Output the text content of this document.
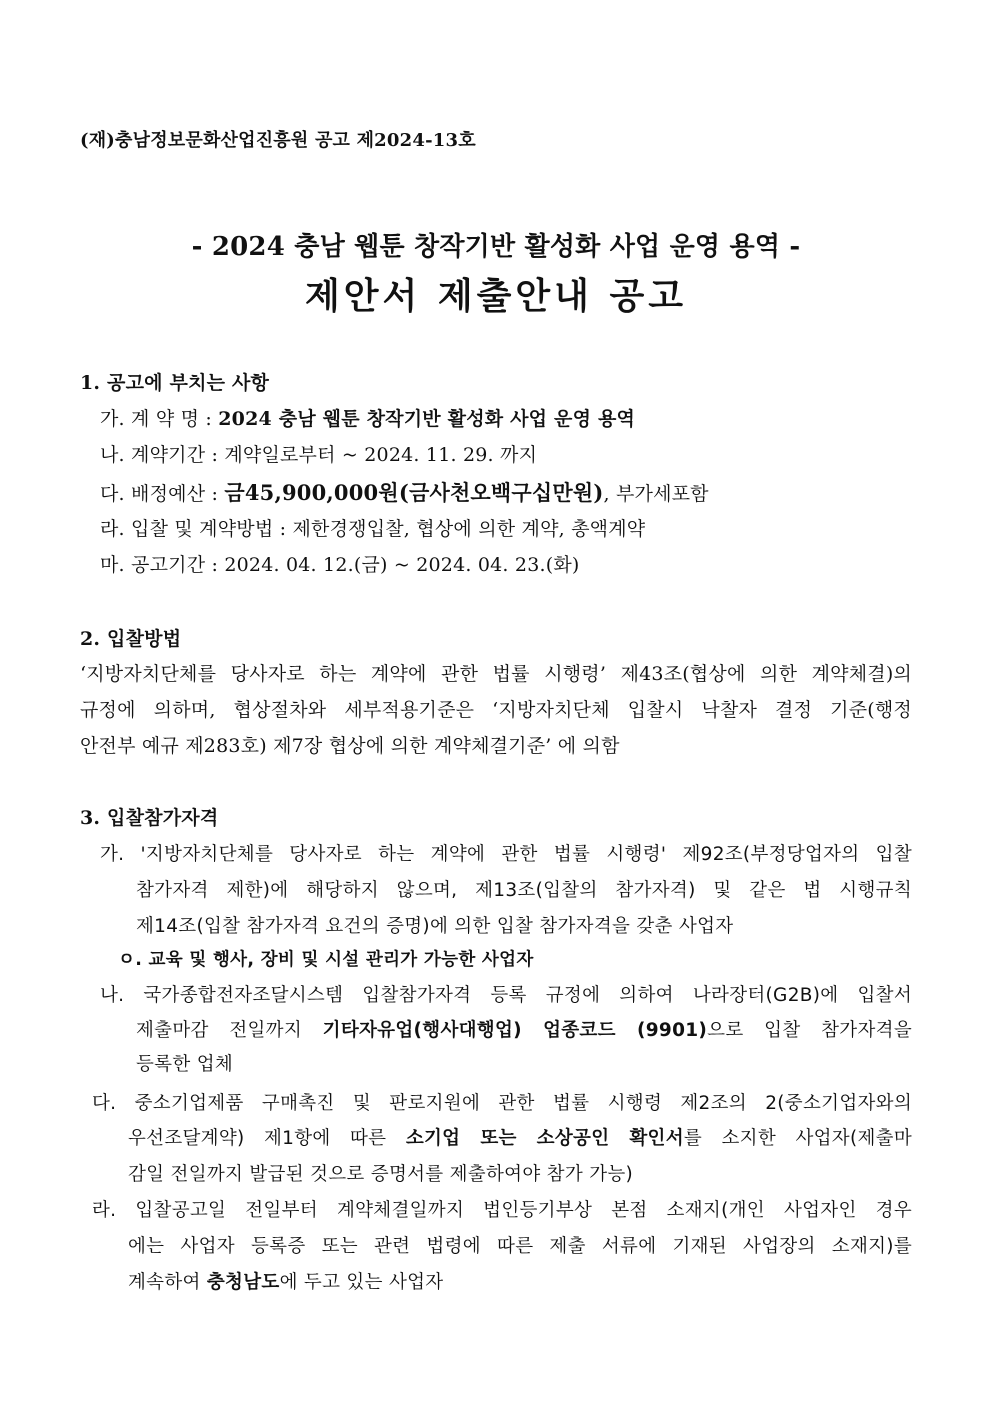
(재)충남정보문화산업진흥원 공고 제2024-13호
- 2024 충남 웹툰 창작기반 활성화 사업 운영 용역 -
제안서 제출안내 공고
1. 공고에 부치는 사항
가. 계 약 명 : 2024 충남 웹툰 창작기반 활성화 사업 운영 용역
나. 계약기간 : 계약일로부터 ~ 2024. 11. 29. 까지
다. 배정예산 : 금45,900,000원(금사천오백구십만원), 부가세포함
라. 입찰 및 계약방법 : 제한경쟁입찰, 협상에 의한 계약, 총액계약
마. 공고기간 : 2024. 04. 12.(금) ~ 2024. 04. 23.(화)
2. 입찰방법
‘지방자치단체를 당사자로 하는 계약에 관한 법률 시행령’ 제43조(협상에 의한 계약체결)의
규정에 의하며, 협상절차와 세부적용기준은 ‘지방자치단체 입찰시 낙찰자 결정 기준(행정
안전부 예규 제283호) 제7장 협상에 의한 계약체결기준’ 에 의함
3. 입찰참가자격
가. '지방자치단체를 당사자로 하는 계약에 관한 법률 시행령' 제92조(부정당업자의 입찰
참가자격 제한)에 해당하지 않으며, 제13조(입찰의 참가자격) 및 같은 법 시행규칙
제14조(입찰 참가자격 요건의 증명)에 의한 입찰 참가자격을 갖춘 사업자
ㅇ. 교육 및 행사, 장비 및 시설 관리가 가능한 사업자
나. 국가종합전자조달시스템 입찰참가자격 등록 규정에 의하여 나라장터(G2B)에 입찰서
제출마감 전일까지 기타자유업(행사대행업) 업종코드 (9901)으로 입찰 참가자격을
등록한 업체
다. 중소기업제품 구매촉진 및 판로지원에 관한 법률 시행령 제2조의 2(중소기업자와의
우선조달계약) 제1항에 따른 소기업 또는 소상공인 확인서를 소지한 사업자(제출마
감일 전일까지 발급된 것으로 증명서를 제출하여야 참가 가능)
라. 입찰공고일 전일부터 계약체결일까지 법인등기부상 본점 소재지(개인 사업자인 경우
에는 사업자 등록증 또는 관련 법령에 따른 제출 서류에 기재된 사업장의 소재지)를
계속하여 충청남도에 두고 있는 사업자
